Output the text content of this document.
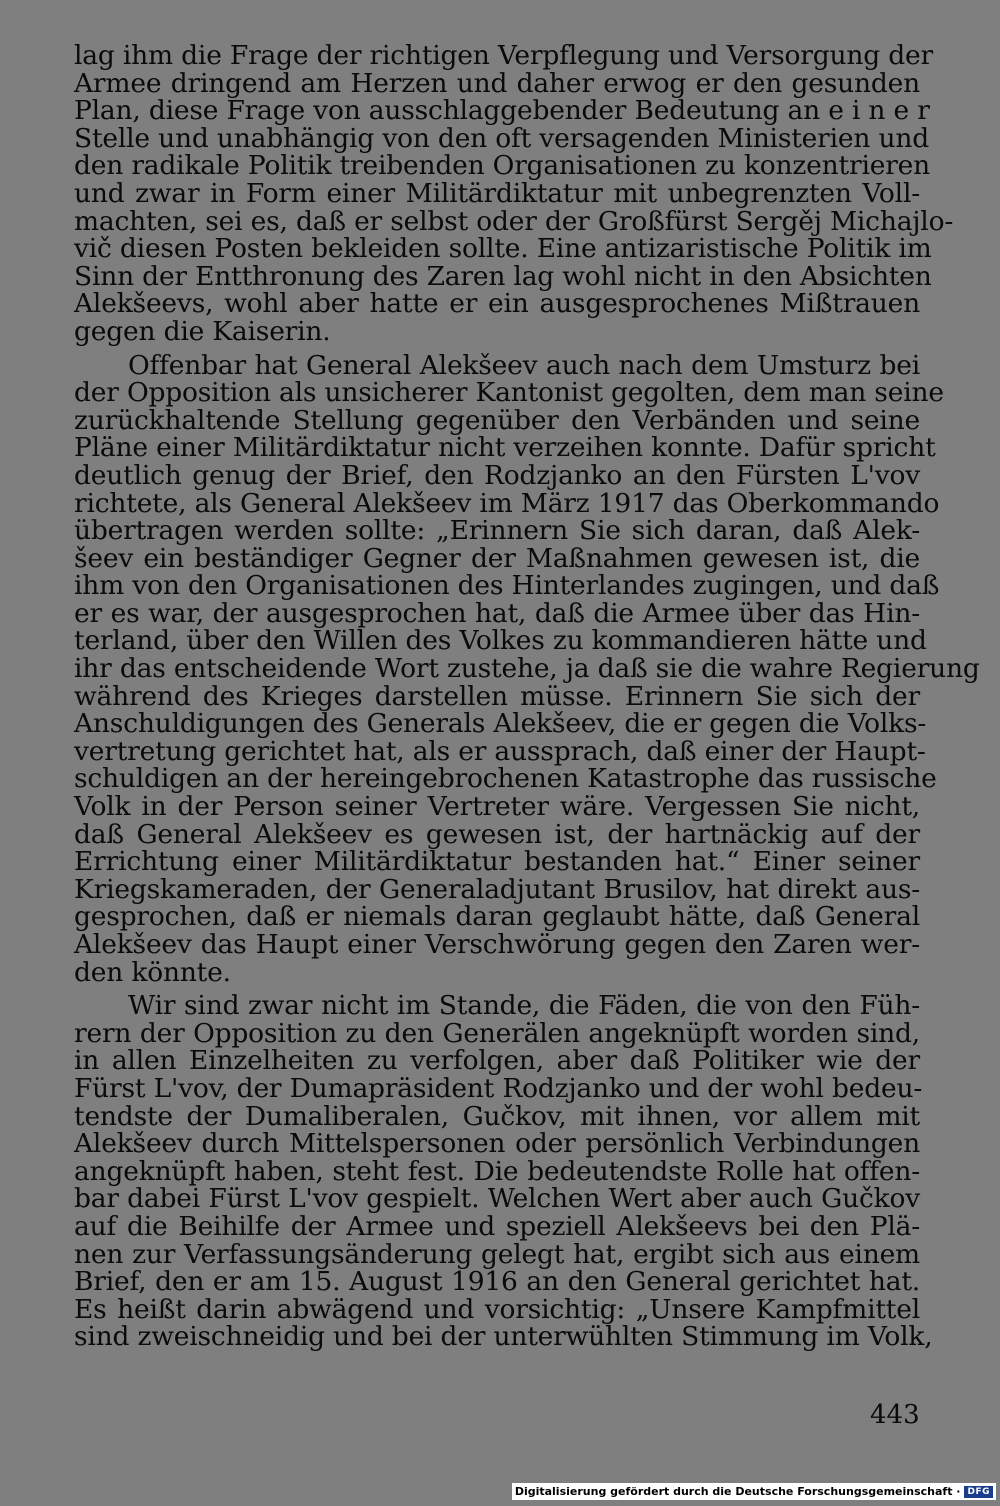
lag ihm die Frage der richtigen Verpflegung und Versorgung der
Armee dringend am Herzen und daher erwog er den gesunden
Plan, diese Frage von ausschlaggebender Bedeutung an e i n e r
Stelle und unabhängig von den oft versagenden Ministerien und
den radikale Politik treibenden Organisationen zu konzentrieren
und zwar in Form einer Militärdiktatur mit unbegrenzten Voll-
machten, sei es, daß er selbst oder der Großfürst Sergěj Michajlo-
vič diesen Posten bekleiden sollte. Eine antizaristische Politik im
Sinn der Entthronung des Zaren lag wohl nicht in den Absichten
Alekšeevs, wohl aber hatte er ein ausgesprochenes Mißtrauen
gegen die Kaiserin.
Offenbar hat General Alekšeev auch nach dem Umsturz bei
der Opposition als unsicherer Kantonist gegolten, dem man seine
zurückhaltende Stellung gegenüber den Verbänden und seine
Pläne einer Militärdiktatur nicht verzeihen konnte. Dafür spricht
deutlich genug der Brief, den Rodzjanko an den Fürsten L'vov
richtete, als General Alekšeev im März 1917 das Oberkommando
übertragen werden sollte: „Erinnern Sie sich daran, daß Alek-
šeev ein beständiger Gegner der Maßnahmen gewesen ist, die
ihm von den Organisationen des Hinterlandes zugingen, und daß
er es war, der ausgesprochen hat, daß die Armee über das Hin-
terland, über den Willen des Volkes zu kommandieren hätte und
ihr das entscheidende Wort zustehe, ja daß sie die wahre Regierung
während des Krieges darstellen müsse. Erinnern Sie sich der
Anschuldigungen des Generals Alekšeev, die er gegen die Volks-
vertretung gerichtet hat, als er aussprach, daß einer der Haupt-
schuldigen an der hereingebrochenen Katastrophe das russische
Volk in der Person seiner Vertreter wäre. Vergessen Sie nicht,
daß General Alekšeev es gewesen ist, der hartnäckig auf der
Errichtung einer Militärdiktatur bestanden hat.“ Einer seiner
Kriegskameraden, der Generaladjutant Brusilov, hat direkt aus-
gesprochen, daß er niemals daran geglaubt hätte, daß General
Alekšeev das Haupt einer Verschwörung gegen den Zaren wer-
den könnte.
Wir sind zwar nicht im Stande, die Fäden, die von den Füh-
rern der Opposition zu den Generälen angeknüpft worden sind,
in allen Einzelheiten zu verfolgen, aber daß Politiker wie der
Fürst L'vov, der Dumapräsident Rodzjanko und der wohl bedeu-
tendste der Dumaliberalen, Gučkov, mit ihnen, vor allem mit
Alekšeev durch Mittelspersonen oder persönlich Verbindungen
angeknüpft haben, steht fest. Die bedeutendste Rolle hat offen-
bar dabei Fürst L'vov gespielt. Welchen Wert aber auch Gučkov
auf die Beihilfe der Armee und speziell Alekšeevs bei den Plä-
nen zur Verfassungsänderung gelegt hat, ergibt sich aus einem
Brief, den er am 15. August 1916 an den General gerichtet hat.
Es heißt darin abwägend und vorsichtig: „Unsere Kampfmittel
sind zweischneidig und bei der unterwühlten Stimmung im Volk,
443
Digitalisierung gefördert durch die Deutsche Forschungsgemeinschaft · DFG
